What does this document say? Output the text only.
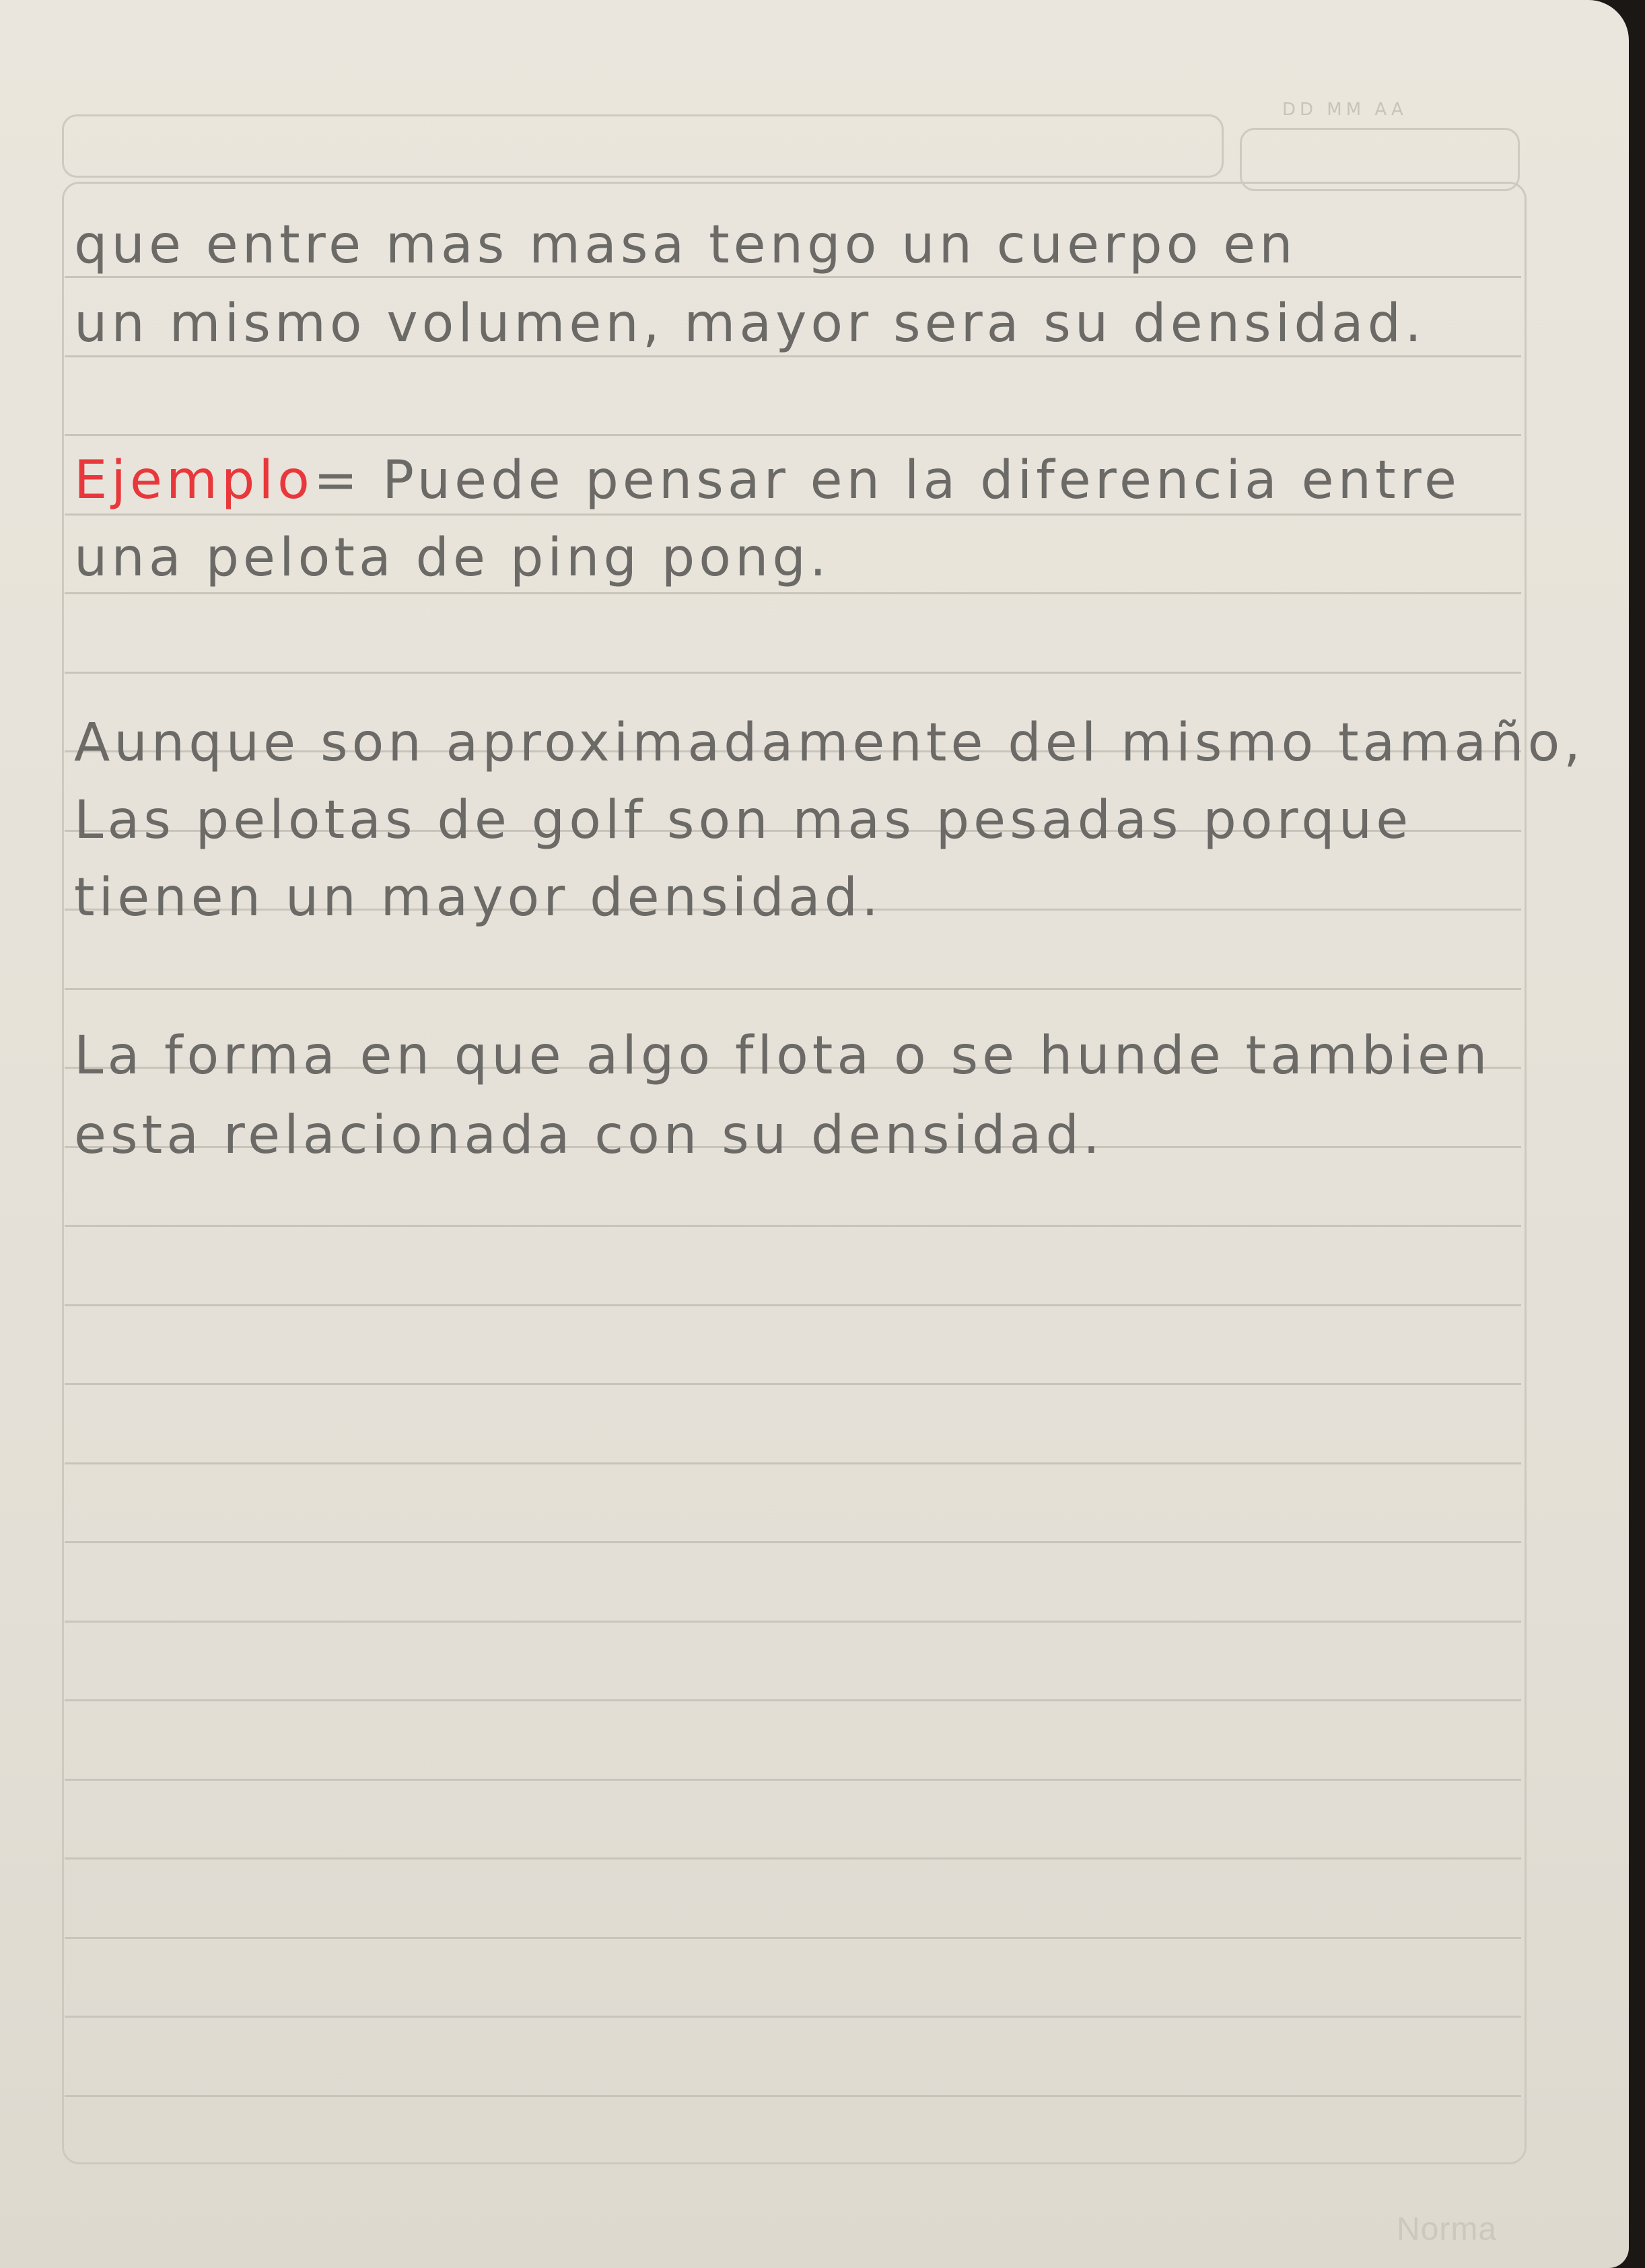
DD MM AA
que entre mas masa tengo un cuerpo en
un mismo volumen, mayor sera su densidad.
Ejemplo= Puede pensar en la diferencia entre
una pelota de ping pong.
Aunque son aproximadamente del mismo tamaño,
Las pelotas de golf son mas pesadas porque
tienen un mayor densidad.
La forma en que algo flota o se hunde tambien
esta relacionada con su densidad.
Norma
